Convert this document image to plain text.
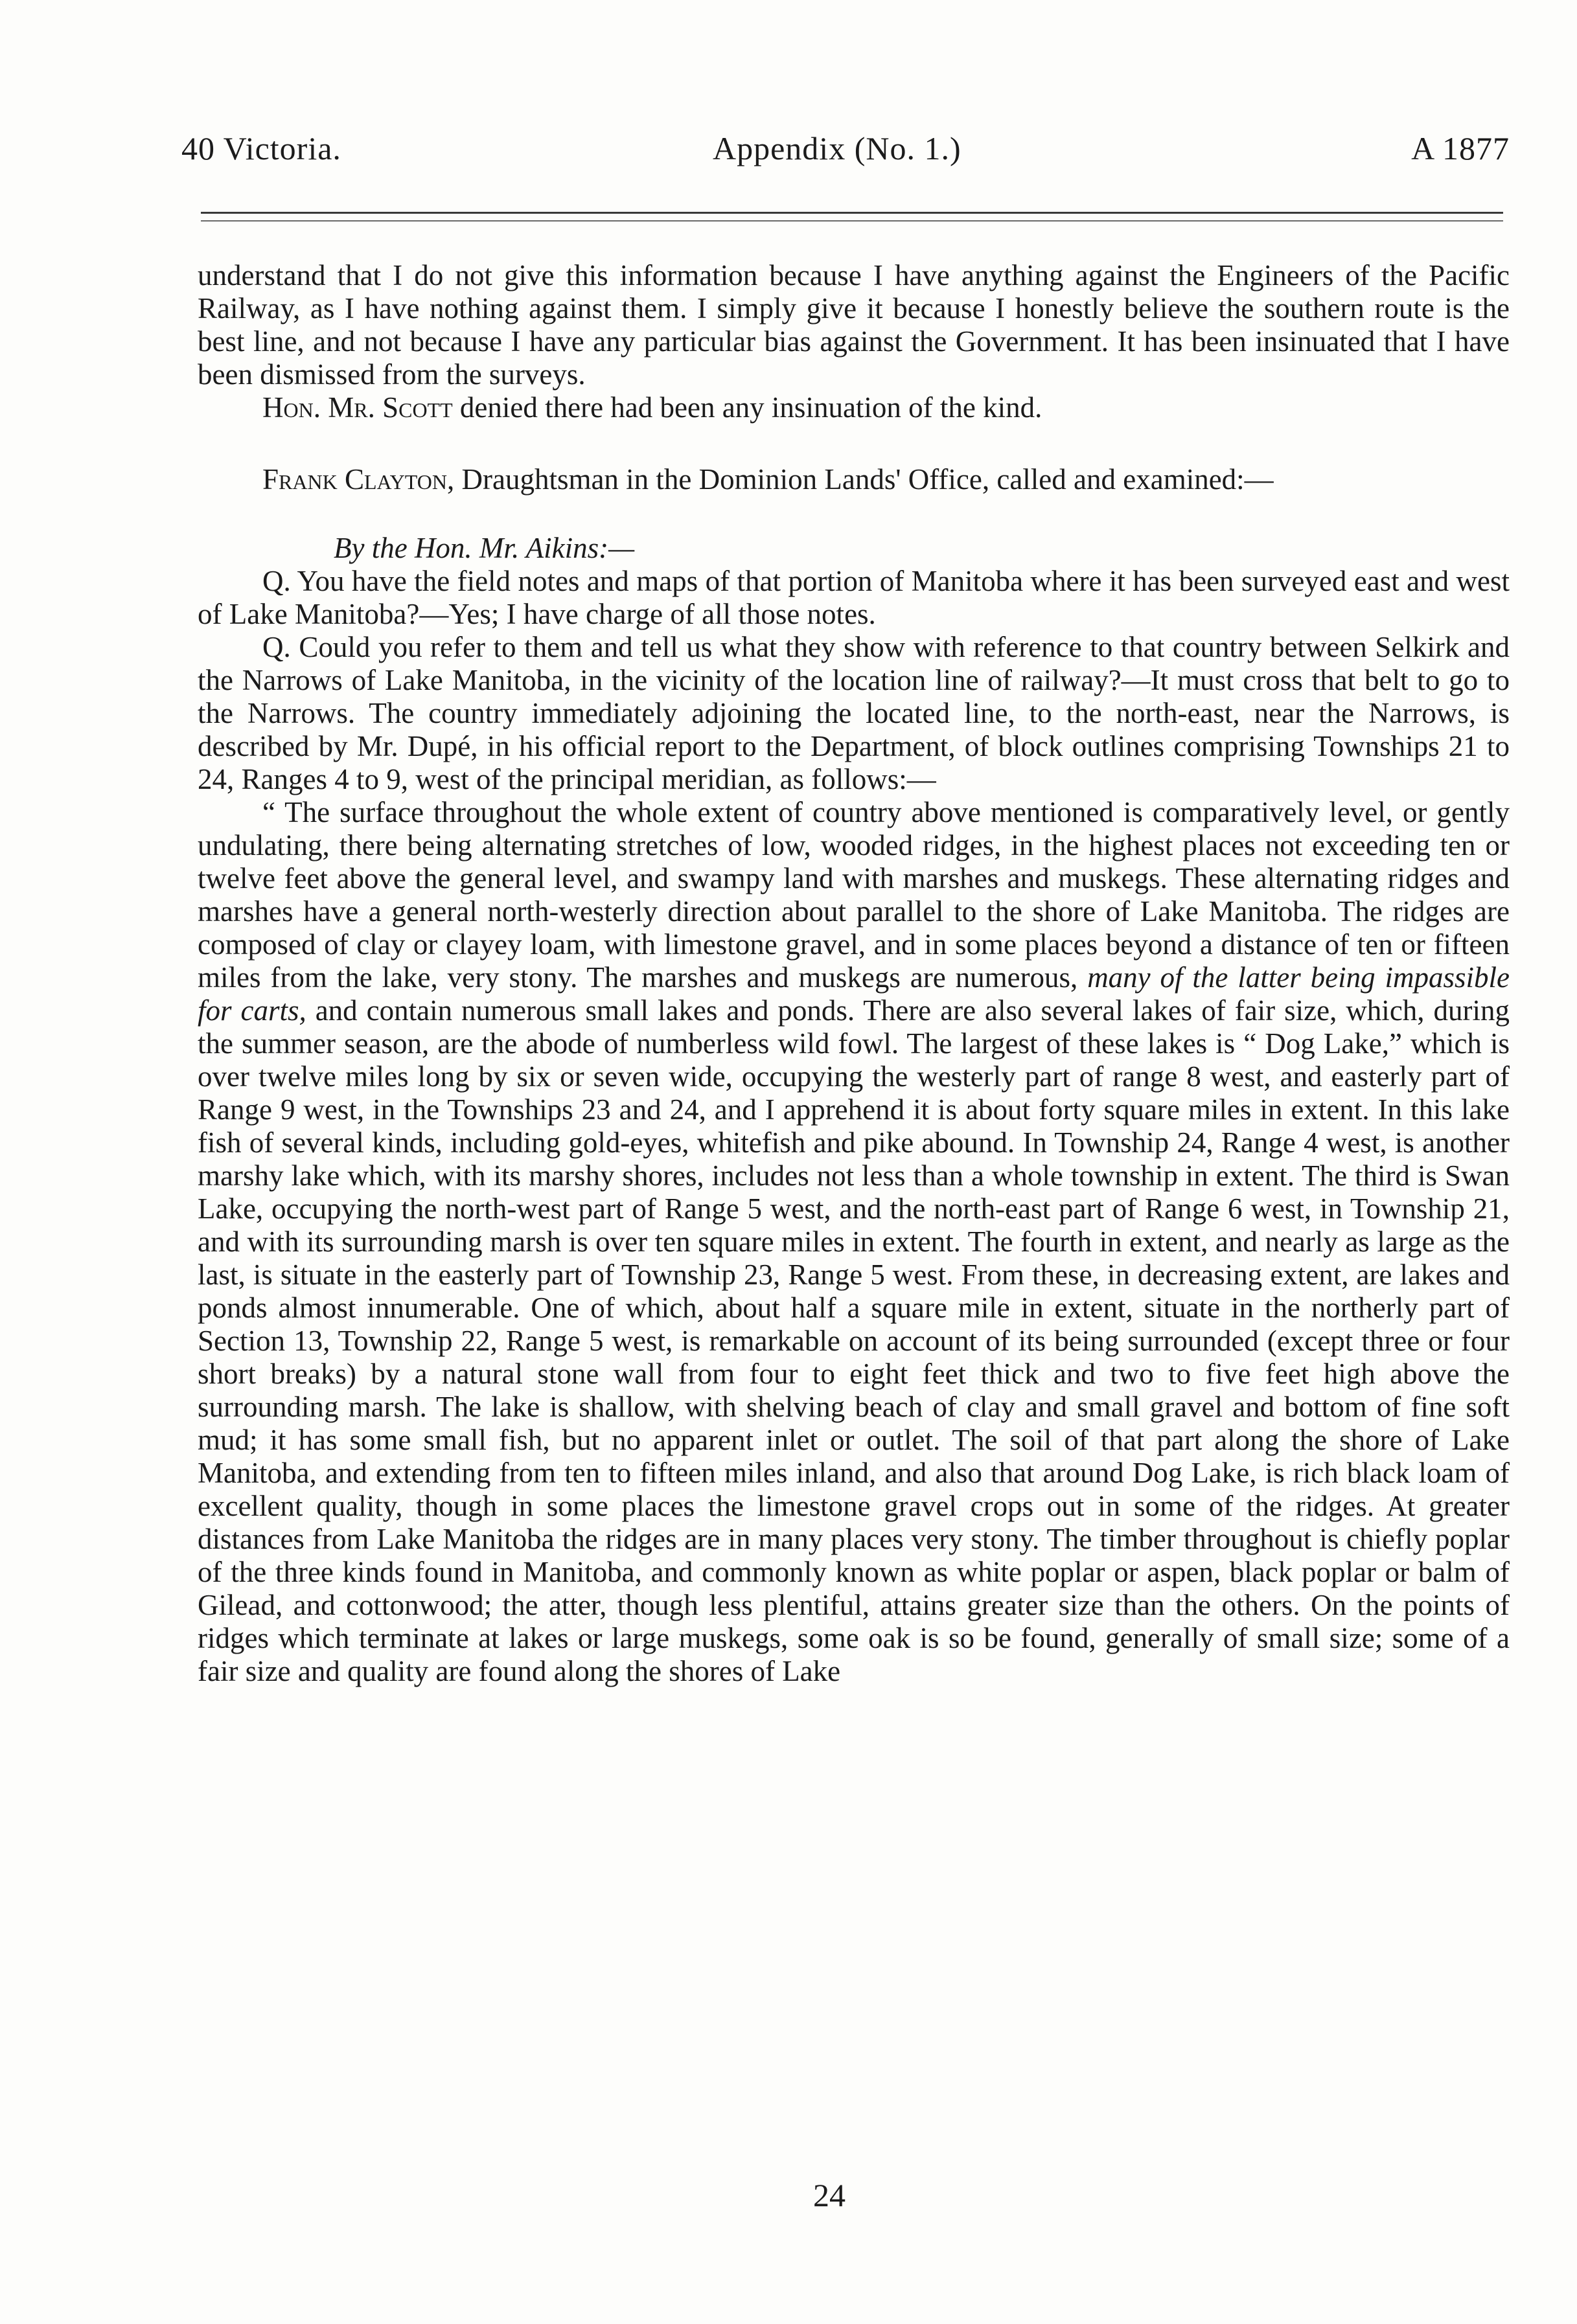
40 Victoria.	Appendix (No. 1.)	A 1877

understand that I do not give this information because I have anything against the Engineers of the Pacific Railway, as I have nothing against them. I simply give it because I honestly believe the southern route is the best line, and not because I have any particular bias against the Government. It has been insinuated that I have been dismissed from the surveys.

Hon. Mr. Scott denied there had been any insinuation of the kind.

Frank Clayton, Draughtsman in the Dominion Lands' Office, called and examined:—

By the Hon. Mr. Aikins:—

Q. You have the field notes and maps of that portion of Manitoba where it has been surveyed east and west of Lake Manitoba?—Yes; I have charge of all those notes.

Q. Could you refer to them and tell us what they show with reference to that country between Selkirk and the Narrows of Lake Manitoba, in the vicinity of the location line of railway?—It must cross that belt to go to the Narrows. The country immediately adjoining the located line, to the north-east, near the Narrows, is described by Mr. Dupé, in his official report to the Department, of block outlines comprising Townships 21 to 24, Ranges 4 to 9, west of the principal meridian, as follows:—

“ The surface throughout the whole extent of country above mentioned is comparatively level, or gently undulating, there being alternating stretches of low, wooded ridges, in the highest places not exceeding ten or twelve feet above the general level, and swampy land with marshes and muskegs. These alternating ridges and marshes have a general north-westerly direction about parallel to the shore of Lake Manitoba. The ridges are composed of clay or clayey loam, with limestone gravel, and in some places beyond a distance of ten or fifteen miles from the lake, very stony. The marshes and muskegs are numerous, many of the latter being impassible for carts, and contain numerous small lakes and ponds. There are also several lakes of fair size, which, during the summer season, are the abode of numberless wild fowl. The largest of these lakes is “ Dog Lake,” which is over twelve miles long by six or seven wide, occupying the westerly part of range 8 west, and easterly part of Range 9 west, in the Townships 23 and 24, and I apprehend it is about forty square miles in extent. In this lake fish of several kinds, including gold-eyes, whitefish and pike abound. In Township 24, Range 4 west, is another marshy lake which, with its marshy shores, includes not less than a whole township in extent. The third is Swan Lake, occupying the north-west part of Range 5 west, and the north-east part of Range 6 west, in Township 21, and with its surrounding marsh is over ten square miles in extent. The fourth in extent, and nearly as large as the last, is situate in the easterly part of Township 23, Range 5 west. From these, in decreasing extent, are lakes and ponds almost innumerable. One of which, about half a square mile in extent, situate in the northerly part of Section 13, Township 22, Range 5 west, is remarkable on account of its being surrounded (except three or four short breaks) by a natural stone wall from four to eight feet thick and two to five feet high above the surrounding marsh. The lake is shallow, with shelving beach of clay and small gravel and bottom of fine soft mud; it has some small fish, but no apparent inlet or outlet. The soil of that part along the shore of Lake Manitoba, and extending from ten to fifteen miles inland, and also that around Dog Lake, is rich black loam of excellent quality, though in some places the limestone gravel crops out in some of the ridges. At greater distances from Lake Manitoba the ridges are in many places very stony. The timber throughout is chiefly poplar of the three kinds found in Manitoba, and commonly known as white poplar or aspen, black poplar or balm of Gilead, and cottonwood; the atter, though less plentiful, attains greater size than the others. On the points of ridges which terminate at lakes or large muskegs, some oak is so be found, generally of small size; some of a fair size and quality are found along the shores of Lake

24
